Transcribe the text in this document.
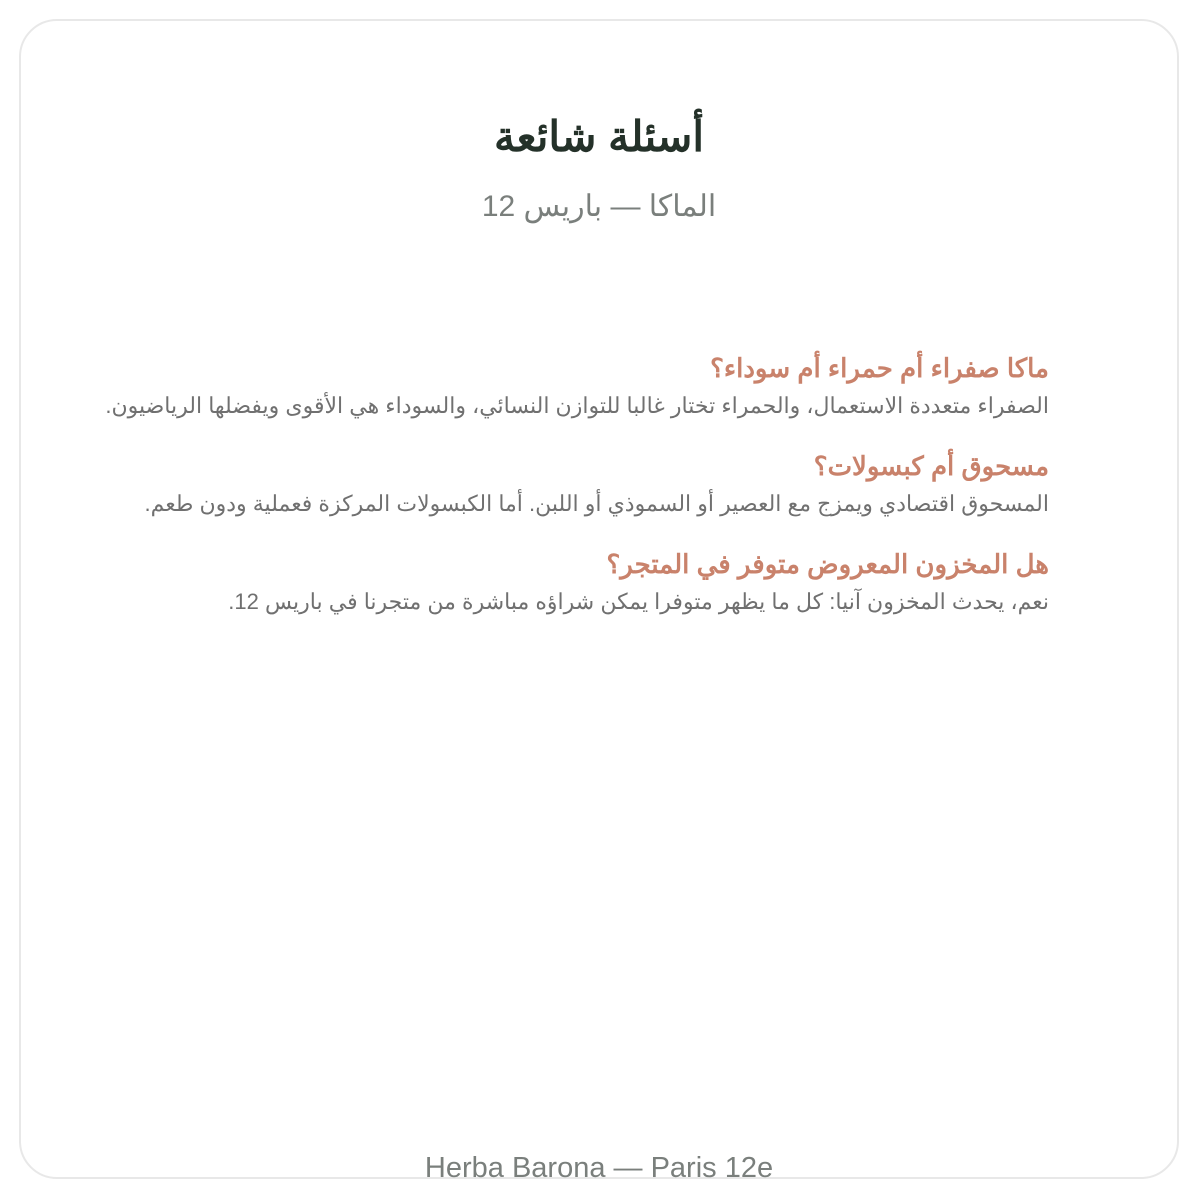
أسئلة شائعة

الماكا — باريس 12

ماكا صفراء أم حمراء أم سوداء؟

الصفراء متعددة الاستعمال، والحمراء تختار غالبا للتوازن النسائي، والسوداء هي الأقوى ويفضلها الرياضيون.

مسحوق أم كبسولات؟

المسحوق اقتصادي ويمزج مع العصير أو السموذي أو اللبن. أما الكبسولات المركزة فعملية ودون طعم.

هل المخزون المعروض متوفر في المتجر؟

نعم، يحدث المخزون آنيا: كل ما يظهر متوفرا يمكن شراؤه مباشرة من متجرنا في باريس 12.

Herba Barona — Paris 12e
